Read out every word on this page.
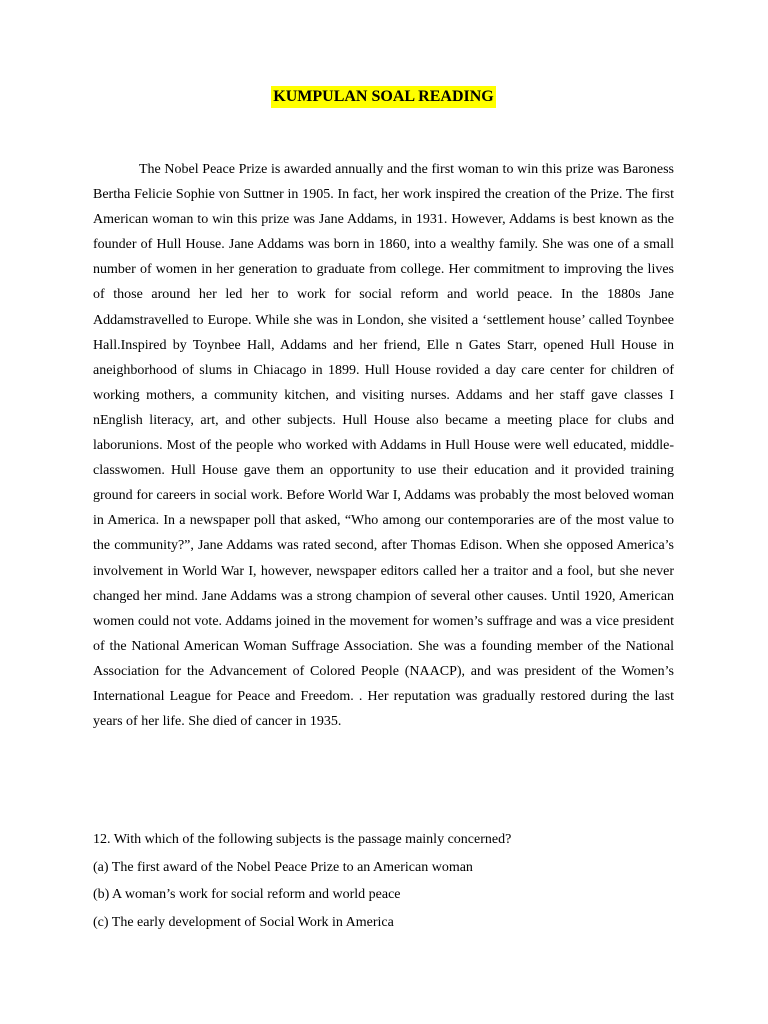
KUMPULAN SOAL READING

The Nobel Peace Prize is awarded annually and the first woman to win this prize was Baroness Bertha Felicie Sophie von Suttner in 1905. In fact, her work inspired the creation of the Prize. The first American woman to win this prize was Jane Addams, in 1931. However, Addams is best known as the founder of Hull House. Jane Addams was born in 1860, into a wealthy family. She was one of a small number of women in her generation to graduate from college. Her commitment to improving the lives of those around her led her to work for social reform and world peace. In the 1880s Jane Addamstravelled to Europe. While she was in London, she visited a ‘settlement house’ called Toynbee Hall.Inspired by Toynbee Hall, Addams and her friend, Elle n Gates Starr, opened Hull House in aneighborhood of slums in Chiacago in 1899. Hull House rovided a day care center for children of working mothers, a community kitchen, and visiting nurses. Addams and her staff gave classes I nEnglish literacy, art, and other subjects. Hull House also became a meeting place for clubs and laborunions. Most of the people who worked with Addams in Hull House were well educated, middle- classwomen. Hull House gave them an opportunity to use their education and it provided training ground for careers in social work. Before World War I, Addams was probably the most beloved woman in America. In a newspaper poll that asked, “Who among our contemporaries are of the most value to the community?”, Jane Addams was rated second, after Thomas Edison. When she opposed America’s involvement in World War I, however, newspaper editors called her a traitor and a fool, but she never changed her mind. Jane Addams was a strong champion of several other causes. Until 1920, American women could not vote. Addams joined in the movement for women’s suffrage and was a vice president of the National American Woman Suffrage Association. She was a founding member of the National Association for the Advancement of Colored People (NAACP), and was president of the Women’s International League for Peace and Freedom. . Her reputation was gradually restored during the last years of her life. She died of cancer in 1935.

12. With which of the following subjects is the passage mainly concerned?

(a) The first award of the Nobel Peace Prize to an American woman

(b) A woman’s work for social reform and world peace

(c) The early development of Social Work in America
